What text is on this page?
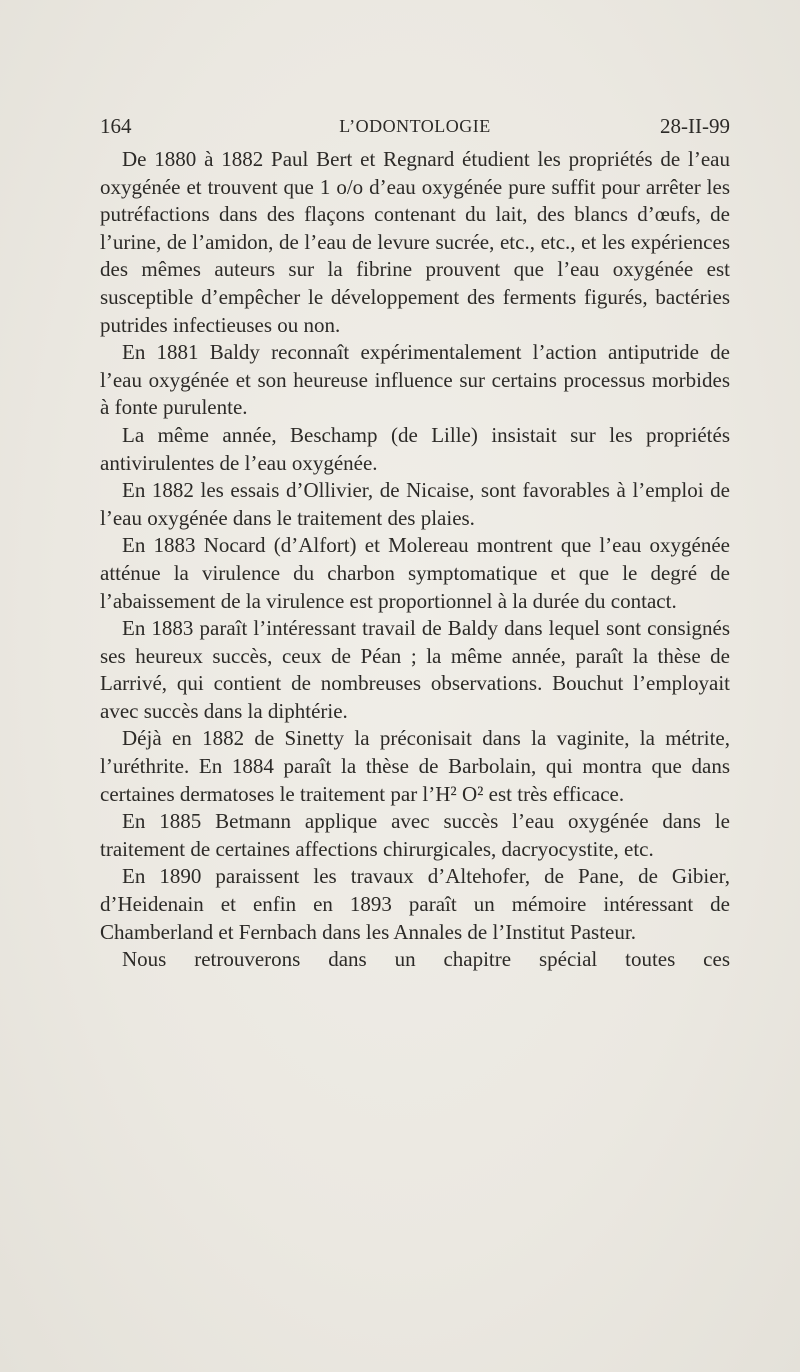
164	L’ODONTOLOGIE	28-II-99

De 1880 à 1882 Paul Bert et Regnard étudient les propriétés de l’eau oxygénée et trouvent que 1 o/o d’eau oxygénée pure suffit pour arrêter les putréfactions dans des flaçons contenant du lait, des blancs d’œufs, de l’urine, de l’amidon, de l’eau de levure sucrée, etc., etc., et les expériences des mêmes auteurs sur la fibrine prouvent que l’eau oxygénée est susceptible d’empêcher le développement des ferments figurés, bactéries putrides infectieuses ou non.

En 1881 Baldy reconnaît expérimentalement l’action antiputride de l’eau oxygénée et son heureuse influence sur certains processus morbides à fonte purulente.

La même année, Beschamp (de Lille) insistait sur les propriétés antivirulentes de l’eau oxygénée.

En 1882 les essais d’Ollivier, de Nicaise, sont favorables à l’emploi de l’eau oxygénée dans le traitement des plaies.

En 1883 Nocard (d’Alfort) et Molereau montrent que l’eau oxygénée atténue la virulence du charbon symptomatique et que le degré de l’abaissement de la virulence est proportionnel à la durée du contact.

En 1883 paraît l’intéressant travail de Baldy dans lequel sont consignés ses heureux succès, ceux de Péan ; la même année, paraît la thèse de Larrivé, qui contient de nombreuses observations. Bouchut l’employait avec succès dans la diphtérie.

Déjà en 1882 de Sinetty la préconisait dans la vaginite, la métrite, l’uréthrite. En 1884 paraît la thèse de Barbolain, qui montra que dans certaines dermatoses le traitement par l’H² O² est très efficace.

En 1885 Betmann applique avec succès l’eau oxygénée dans le traitement de certaines affections chirurgicales, dacryocystite, etc.

En 1890 paraissent les travaux d’Altehofer, de Pane, de Gibier, d’Heidenain et enfin en 1893 paraît un mémoire intéressant de Chamberland et Fernbach dans les Annales de l’Institut Pasteur.

Nous retrouverons dans un chapitre spécial toutes ces
